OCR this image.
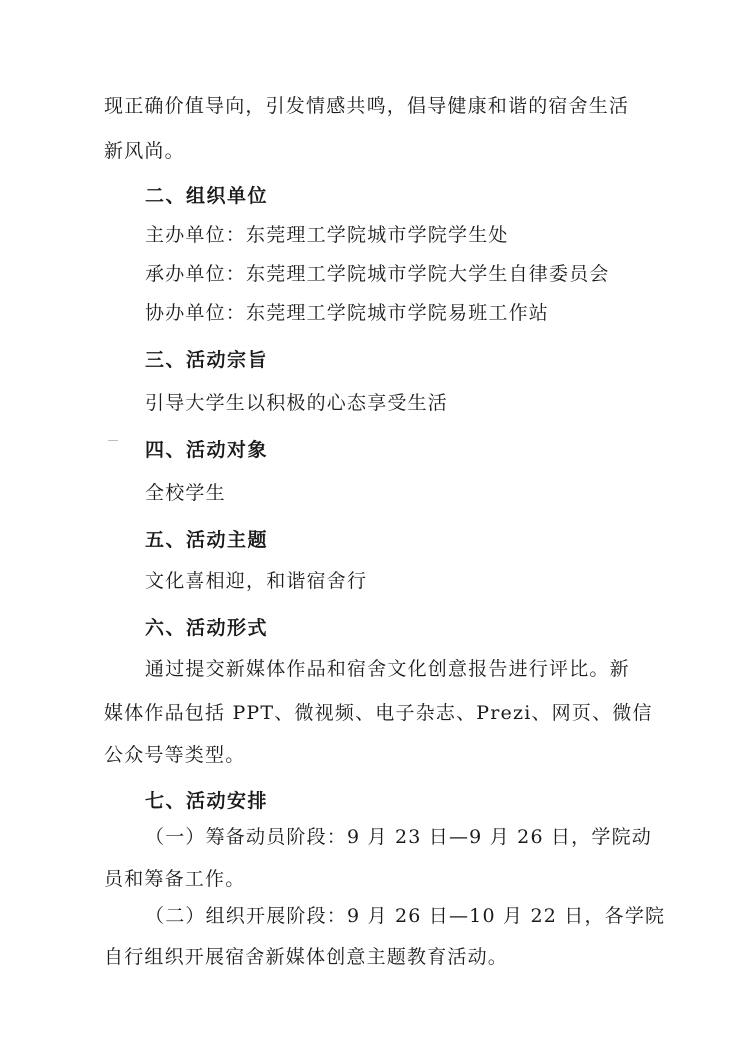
现正确价值导向，引发情感共鸣，倡导健康和谐的宿舍生活
新风尚。
二、组织单位
主办单位：东莞理工学院城市学院学生处
承办单位：东莞理工学院城市学院大学生自律委员会
协办单位：东莞理工学院城市学院易班工作站
三、活动宗旨
引导大学生以积极的心态享受生活
四、活动对象
全校学生
五、活动主题
文化喜相迎，和谐宿舍行
六、活动形式
通过提交新媒体作品和宿舍文化创意报告进行评比。新
媒体作品包括 PPT、微视频、电子杂志、Prezi、网页、微信
公众号等类型。
七、活动安排
（一）筹备动员阶段：9 月 23 日—9 月 26 日，学院动
员和筹备工作。
（二）组织开展阶段：9 月 26 日—10 月 22 日，各学院
自行组织开展宿舍新媒体创意主题教育活动。
